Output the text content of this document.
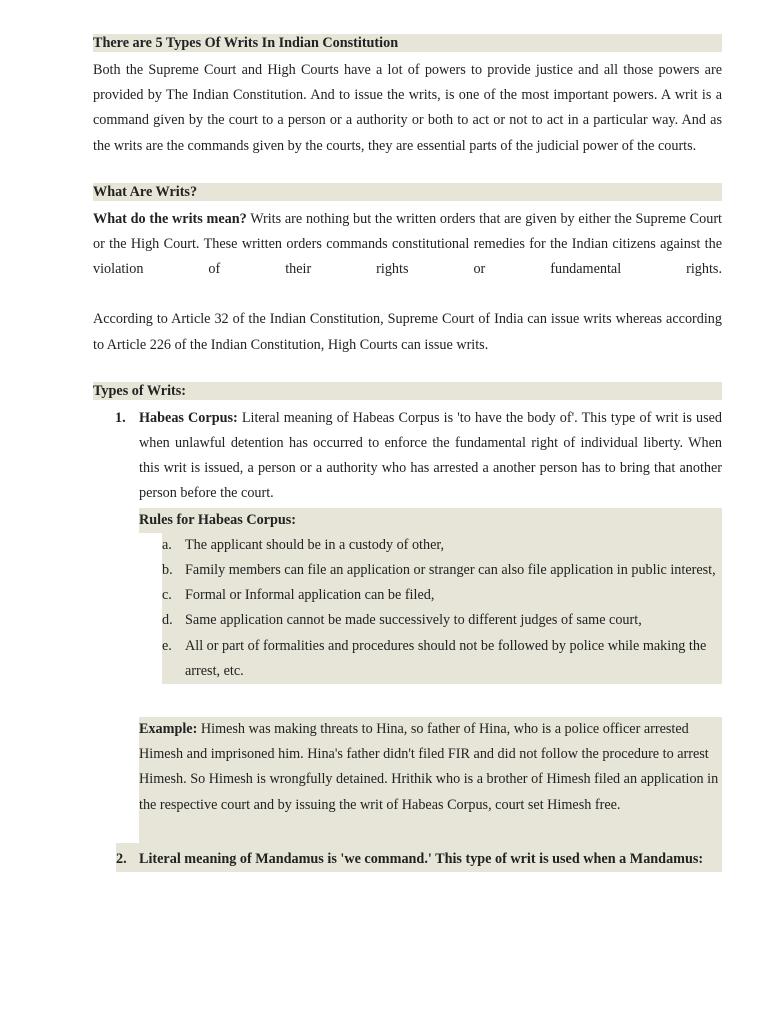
There are 5 Types Of Writs In Indian Constitution

Both the Supreme Court and High Courts have a lot of powers to provide justice and all those powers are provided by The Indian Constitution. And to issue the writs, is one of the most important powers. A writ is a command given by the court to a person or a authority or both to act or not to act in a particular way. And as the writs are the commands given by the courts, they are essential parts of the judicial power of the courts.

What Are Writs?

What do the writs mean? Writs are nothing but the written orders that are given by either the Supreme Court or the High Court. These written orders commands constitutional remedies for the Indian citizens against the violation of their rights or fundamental rights.

According to Article 32 of the Indian Constitution, Supreme Court of India can issue writs whereas according to Article 226 of the Indian Constitution, High Courts can issue writs.

Types of Writs:
1. Habeas Corpus: Literal meaning of Habeas Corpus is 'to have the body of'. This type of writ is used when unlawful detention has occurred to enforce the fundamental right of individual liberty. When this writ is issued, a person or a authority who has arrested a another person has to bring that another person before the court.

Rules for Habeas Corpus:
a. The applicant should be in a custody of other,
b. Family members can file an application or stranger can also file application in public interest,
c. Formal or Informal application can be filed,
d. Same application cannot be made successively to different judges of same court,
e. All or part of formalities and procedures should not be followed by police while making the arrest, etc.

Example: Himesh was making threats to Hina, so father of Hina, who is a police officer arrested Himesh and imprisoned him. Hina's father didn't filed FIR and did not follow the procedure to arrest Himesh. So Himesh is wrongfully detained. Hrithik who is a brother of Himesh filed an application in the respective court and by issuing the writ of Habeas Corpus, court set Himesh free.

2. Literal meaning of Mandamus is 'we command.' This type of writ is used when a Mandamus:
